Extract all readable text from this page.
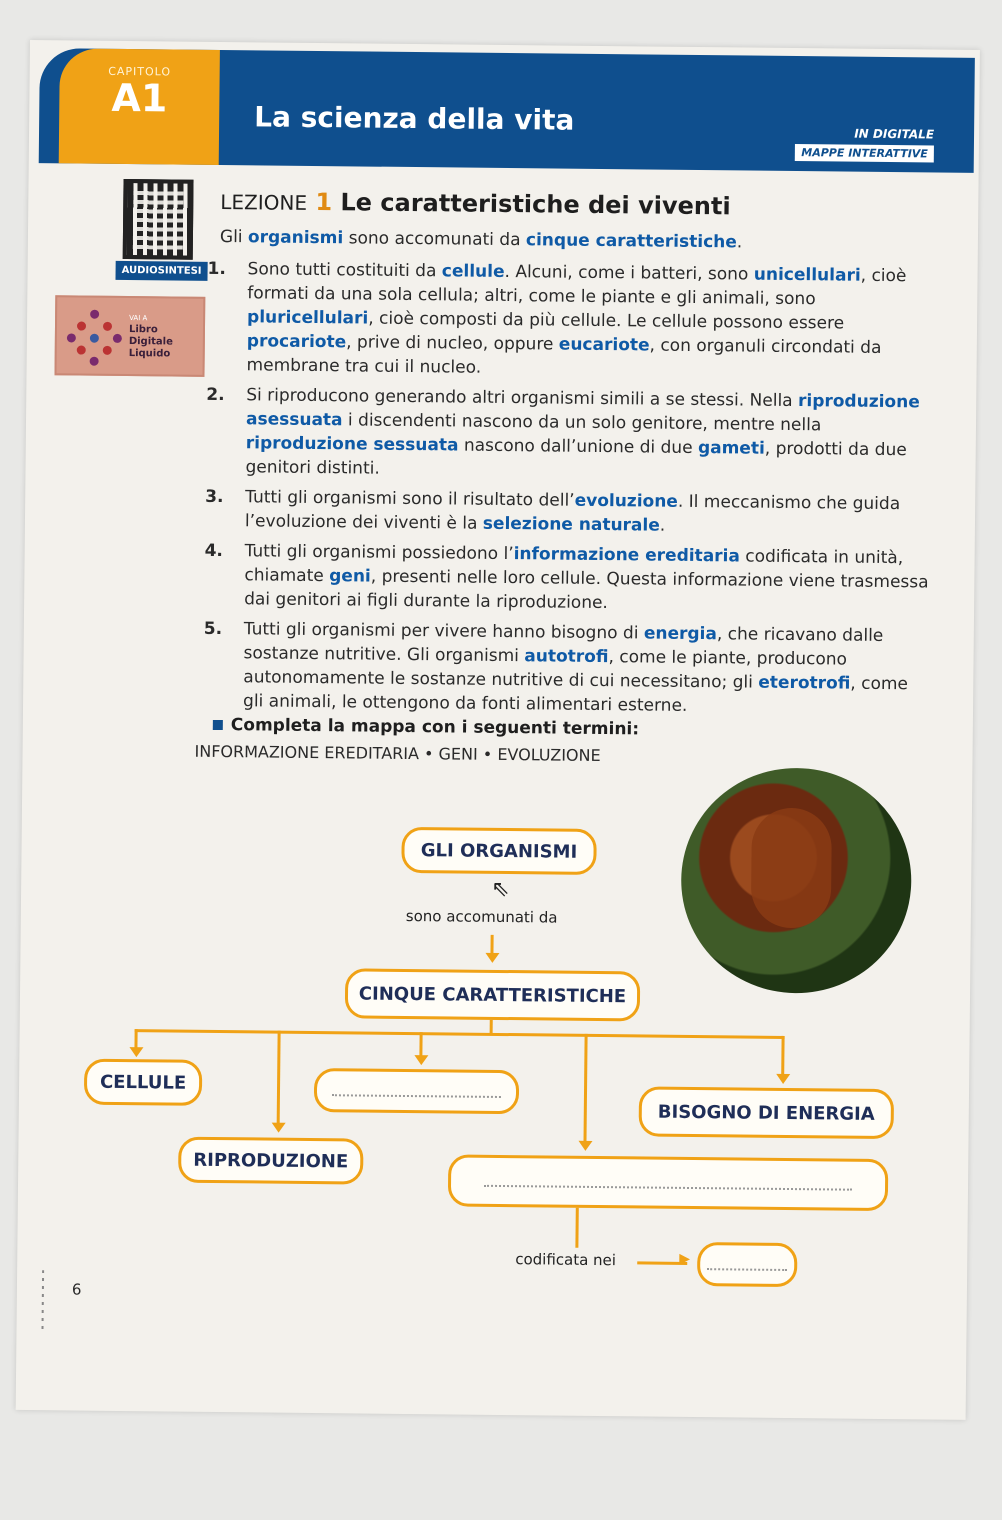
CAPITOLO
A1	La scienza della vita	IN DIGITALE
MAPPE INTERATTIVE
AUDIOSINTESI
VAI A
Libro
Digitale
Liquido
LEZIONE 1 Le caratteristiche dei viventi
Gli organismi sono accomunati da cinque caratteristiche.
1. Sono tutti costituiti da cellule. Alcuni, come i batteri, sono unicellulari, cioè formati da una sola cellula; altri, come le piante e gli animali, sono pluricellulari, cioè composti da più cellule. Le cellule possono essere procariote, prive di nucleo, oppure eucariote, con organuli circondati da membrane tra cui il nucleo.
2. Si riproducono generando altri organismi simili a se stessi. Nella riproduzione asessuata i discendenti nascono da un solo genitore, mentre nella riproduzione sessuata nascono dall’unione di due gameti, prodotti da due genitori distinti.
3. Tutti gli organismi sono il risultato dell’evoluzione. Il meccanismo che guida l’evoluzione dei viventi è la selezione naturale.
4. Tutti gli organismi possiedono l’informazione ereditaria codificata in unità, chiamate geni, presenti nelle loro cellule. Questa informazione viene trasmessa dai genitori ai figli durante la riproduzione.
5. Tutti gli organismi per vivere hanno bisogno di energia, che ricavano dalle sostanze nutritive. Gli organismi autotrofi, come le piante, producono autonomamente le sostanze nutritive di cui necessitano; gli eterotrofi, come gli animali, le ottengono da fonti alimentari esterne.
Completa la mappa con i seguenti termini:
INFORMAZIONE EREDITARIA • GENI • EVOLUZIONE
GLI ORGANISMI
⇖
sono accomunati da
CINQUE CARATTERISTICHE
CELLULE
RIPRODUZIONE
BISOGNO DI ENERGIA
codificata nei	▶
6
